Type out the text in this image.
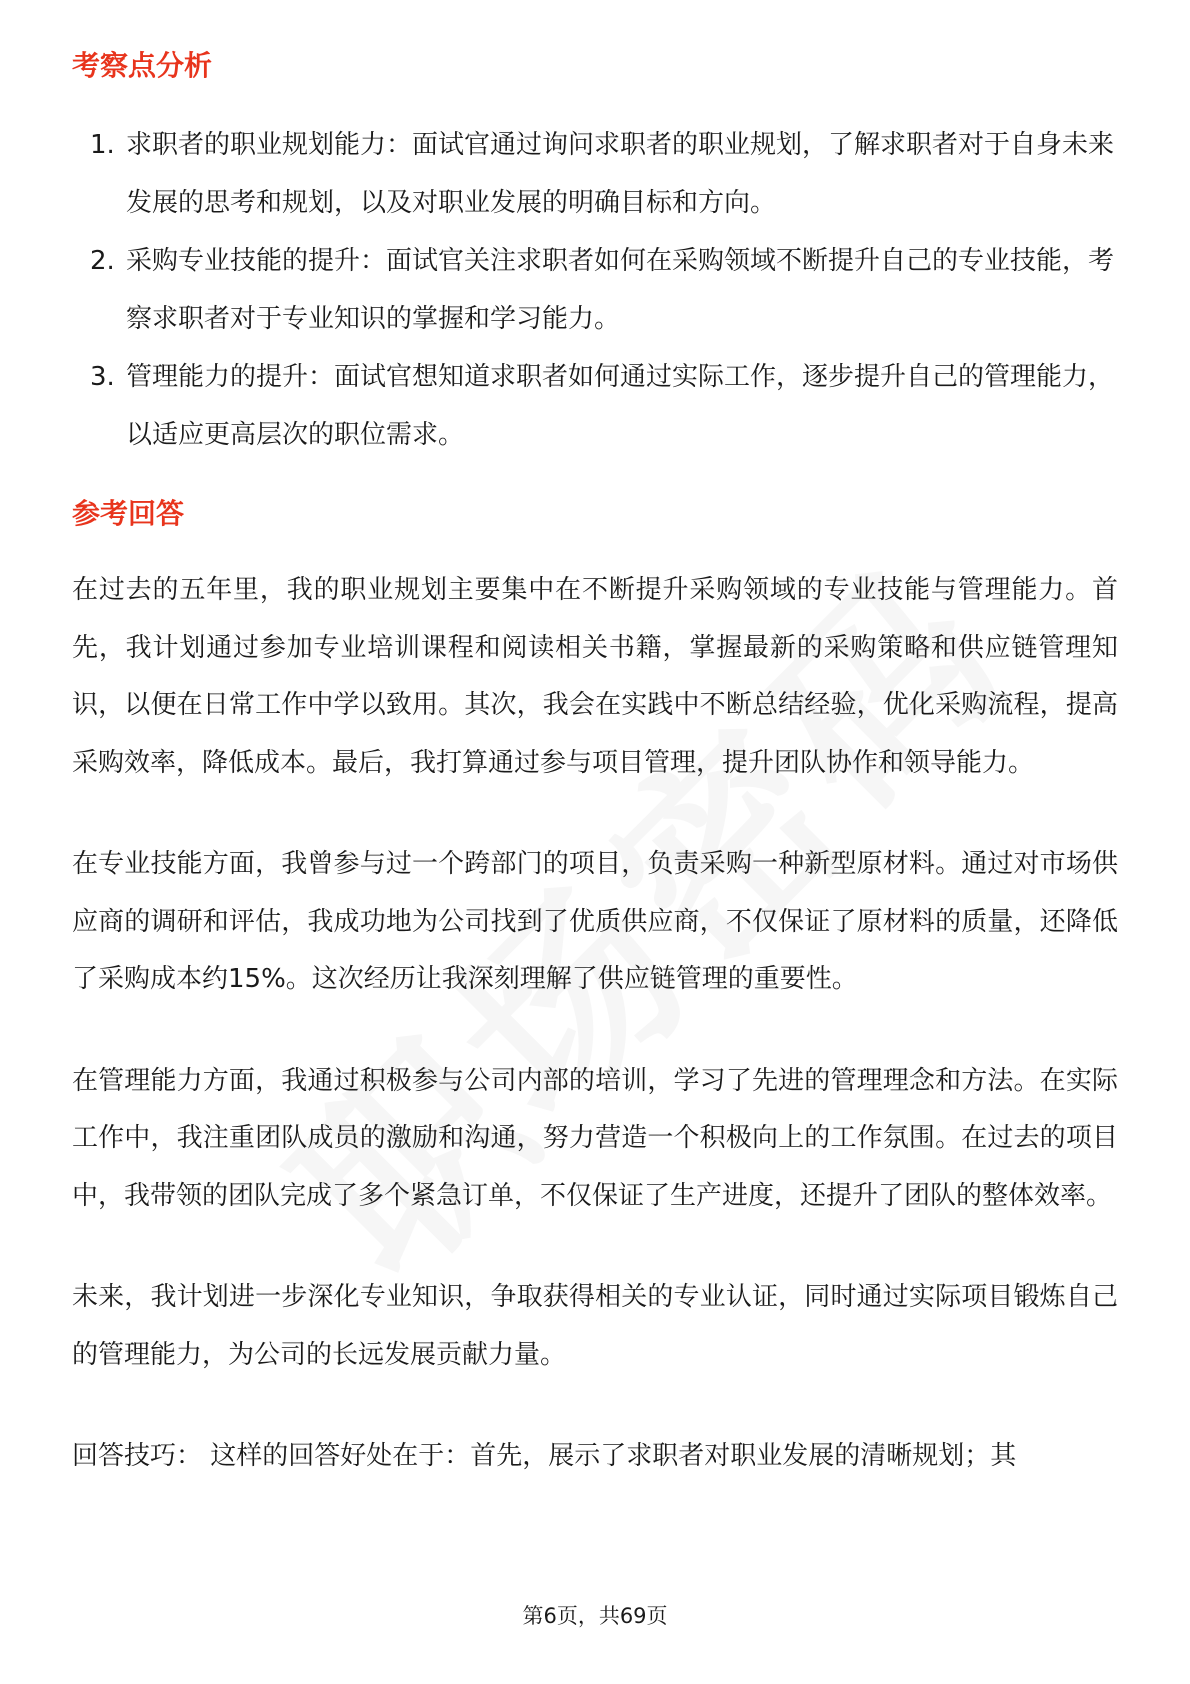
考察点分析
1. 求职者的职业规划能力：面试官通过询问求职者的职业规划，了解求职者对于自身未来发展的思考和规划，以及对职业发展的明确目标和方向。
2. 采购专业技能的提升：面试官关注求职者如何在采购领域不断提升自己的专业技能，考察求职者对于专业知识的掌握和学习能力。
3. 管理能力的提升：面试官想知道求职者如何通过实际工作，逐步提升自己的管理能力，以适应更高层次的职位需求。
参考回答

在过去的五年里，我的职业规划主要集中在不断提升采购领域的专业技能与管理能力。首先，我计划通过参加专业培训课程和阅读相关书籍，掌握最新的采购策略和供应链管理知识，以便在日常工作中学以致用。其次，我会在实践中不断总结经验，优化采购流程，提高采购效率，降低成本。最后，我打算通过参与项目管理，提升团队协作和领导能力。

在专业技能方面，我曾参与过一个跨部门的项目，负责采购一种新型原材料。通过对市场供应商的调研和评估，我成功地为公司找到了优质供应商，不仅保证了原材料的质量，还降低了采购成本约15%。这次经历让我深刻理解了供应链管理的重要性。

在管理能力方面，我通过积极参与公司内部的培训，学习了先进的管理理念和方法。在实际工作中，我注重团队成员的激励和沟通，努力营造一个积极向上的工作氛围。在过去的项目中，我带领的团队完成了多个紧急订单，不仅保证了生产进度，还提升了团队的整体效率。

未来，我计划进一步深化专业知识，争取获得相关的专业认证，同时通过实际项目锻炼自己的管理能力，为公司的长远发展贡献力量。

回答技巧： 这样的回答好处在于：首先，展示了求职者对职业发展的清晰规划；其

第6页，共69页
